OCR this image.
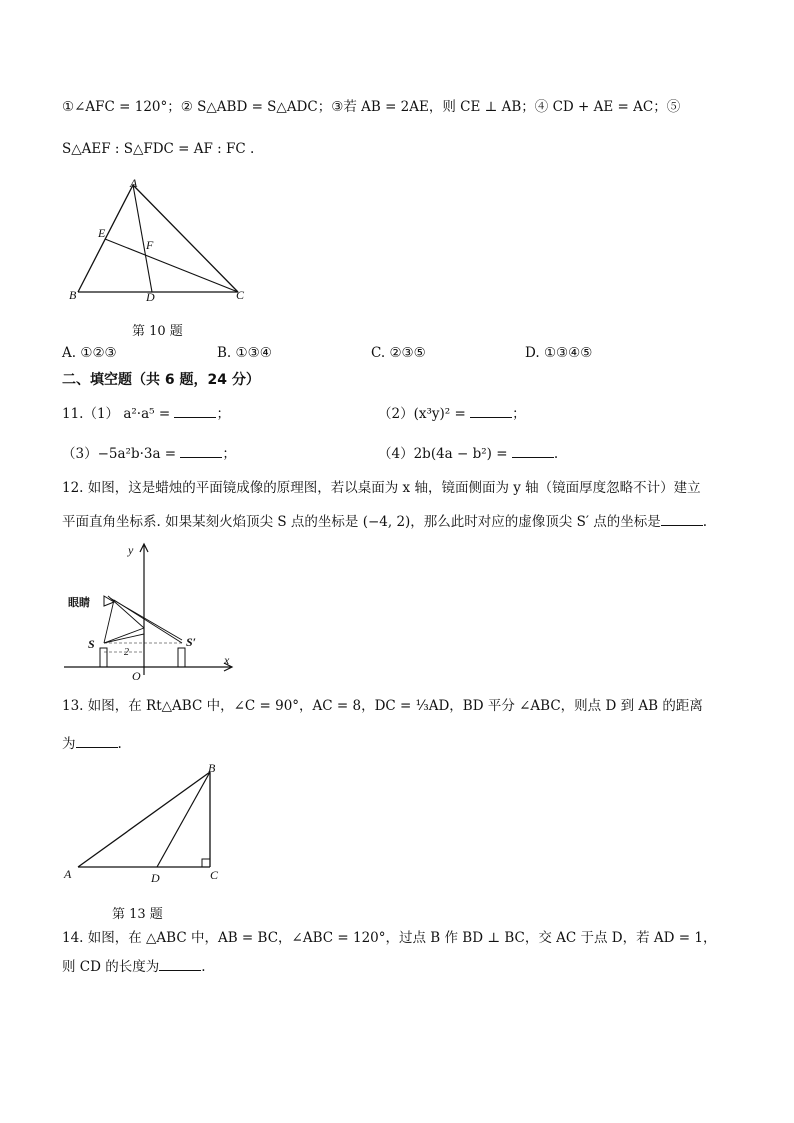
①∠AFC = 120°；② S△ABD = S△ADC；③若 AB = 2AE，则 CE ⊥ AB；④ CD + AE = AC；⑤
S△AEF : S△FDC = AF : FC .
A
B	C
D
E
F
第 10 题
A. ①②③	B. ①③④	C. ②③⑤	D. ①③④⑤
二、填空题（共 6 题，24 分）
11.（1） a²·a⁵ =	；	（2）(x³y)² =	；
（3）−5a²b·3a =	；	（4）2b(4a − b²) =	.
12. 如图，这是蜡烛的平面镜成像的原理图，若以桌面为 x 轴，镜面侧面为 y 轴（镜面厚度忽略不计）建立
平面直角坐标系. 如果某刻火焰顶尖 S 点的坐标是 (−4, 2)，那么此时对应的虚像顶尖 S′ 点的坐标是	.
y
x
O
眼睛
S	S′
2
13. 如图，在 Rt△ABC 中，∠C = 90°，AC = 8，DC = ⅓AD，BD 平分 ∠ABC，则点 D 到 AB 的距离
为	.
A
B
C
D
第 13 题
14. 如图，在 △ABC 中，AB = BC，∠ABC = 120°，过点 B 作 BD ⊥ BC，交 AC 于点 D，若 AD = 1，
则 CD 的长度为	.
